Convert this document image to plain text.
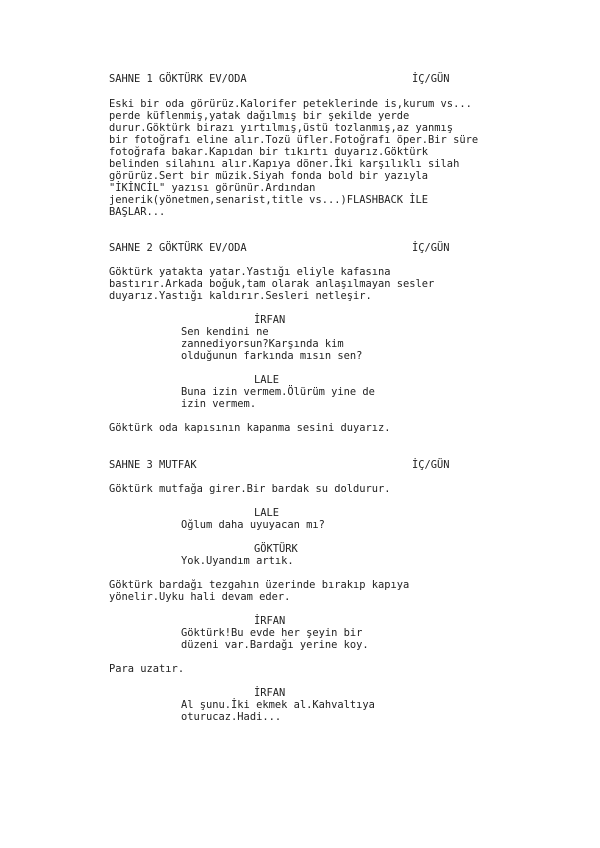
SAHNE 1 GÖKTÜRK EV/ODA	İÇ/GÜN
Eski bir oda görürüz.Kalorifer peteklerinde is,kurum vs...
perde küflenmiş,yatak dağılmış bir şekilde yerde
durur.Göktürk birazı yırtılmış,üstü tozlanmış,az yanmış
bir fotoğrafı eline alır.Tozü üfler.Fotoğrafı öper.Bir süre
fotoğrafa bakar.Kapıdan bir tıkırtı duyarız.Göktürk
belinden silahını alır.Kapıya döner.İki karşılıklı silah
görürüz.Sert bir müzik.Siyah fonda bold bir yazıyla
"İKİNCİL" yazısı görünür.Ardından
jenerik(yönetmen,senarist,title vs...)FLASHBACK İLE
BAŞLAR...
SAHNE 2 GÖKTÜRK EV/ODA	İÇ/GÜN
Göktürk yatakta yatar.Yastığı eliyle kafasına
bastırır.Arkada boğuk,tam olarak anlaşılmayan sesler
duyarız.Yastığı kaldırır.Sesleri netleşir.
İRFAN
Sen kendini ne
zannediyorsun?Karşında kim
olduğunun farkında mısın sen?
LALE
Buna izin vermem.Ölürüm yine de
izin vermem.
Göktürk oda kapısının kapanma sesini duyarız.
SAHNE 3 MUTFAK	İÇ/GÜN
Göktürk mutfağa girer.Bir bardak su doldurur.
LALE
Oğlum daha uyuyacan mı?
GÖKTÜRK
Yok.Uyandım artık.
Göktürk bardağı tezgahın üzerinde bırakıp kapıya
yönelir.Uyku hali devam eder.
İRFAN
Göktürk!Bu evde her şeyin bir
düzeni var.Bardağı yerine koy.
Para uzatır.
İRFAN
Al şunu.İki ekmek al.Kahvaltıya
oturucaz.Hadi...
